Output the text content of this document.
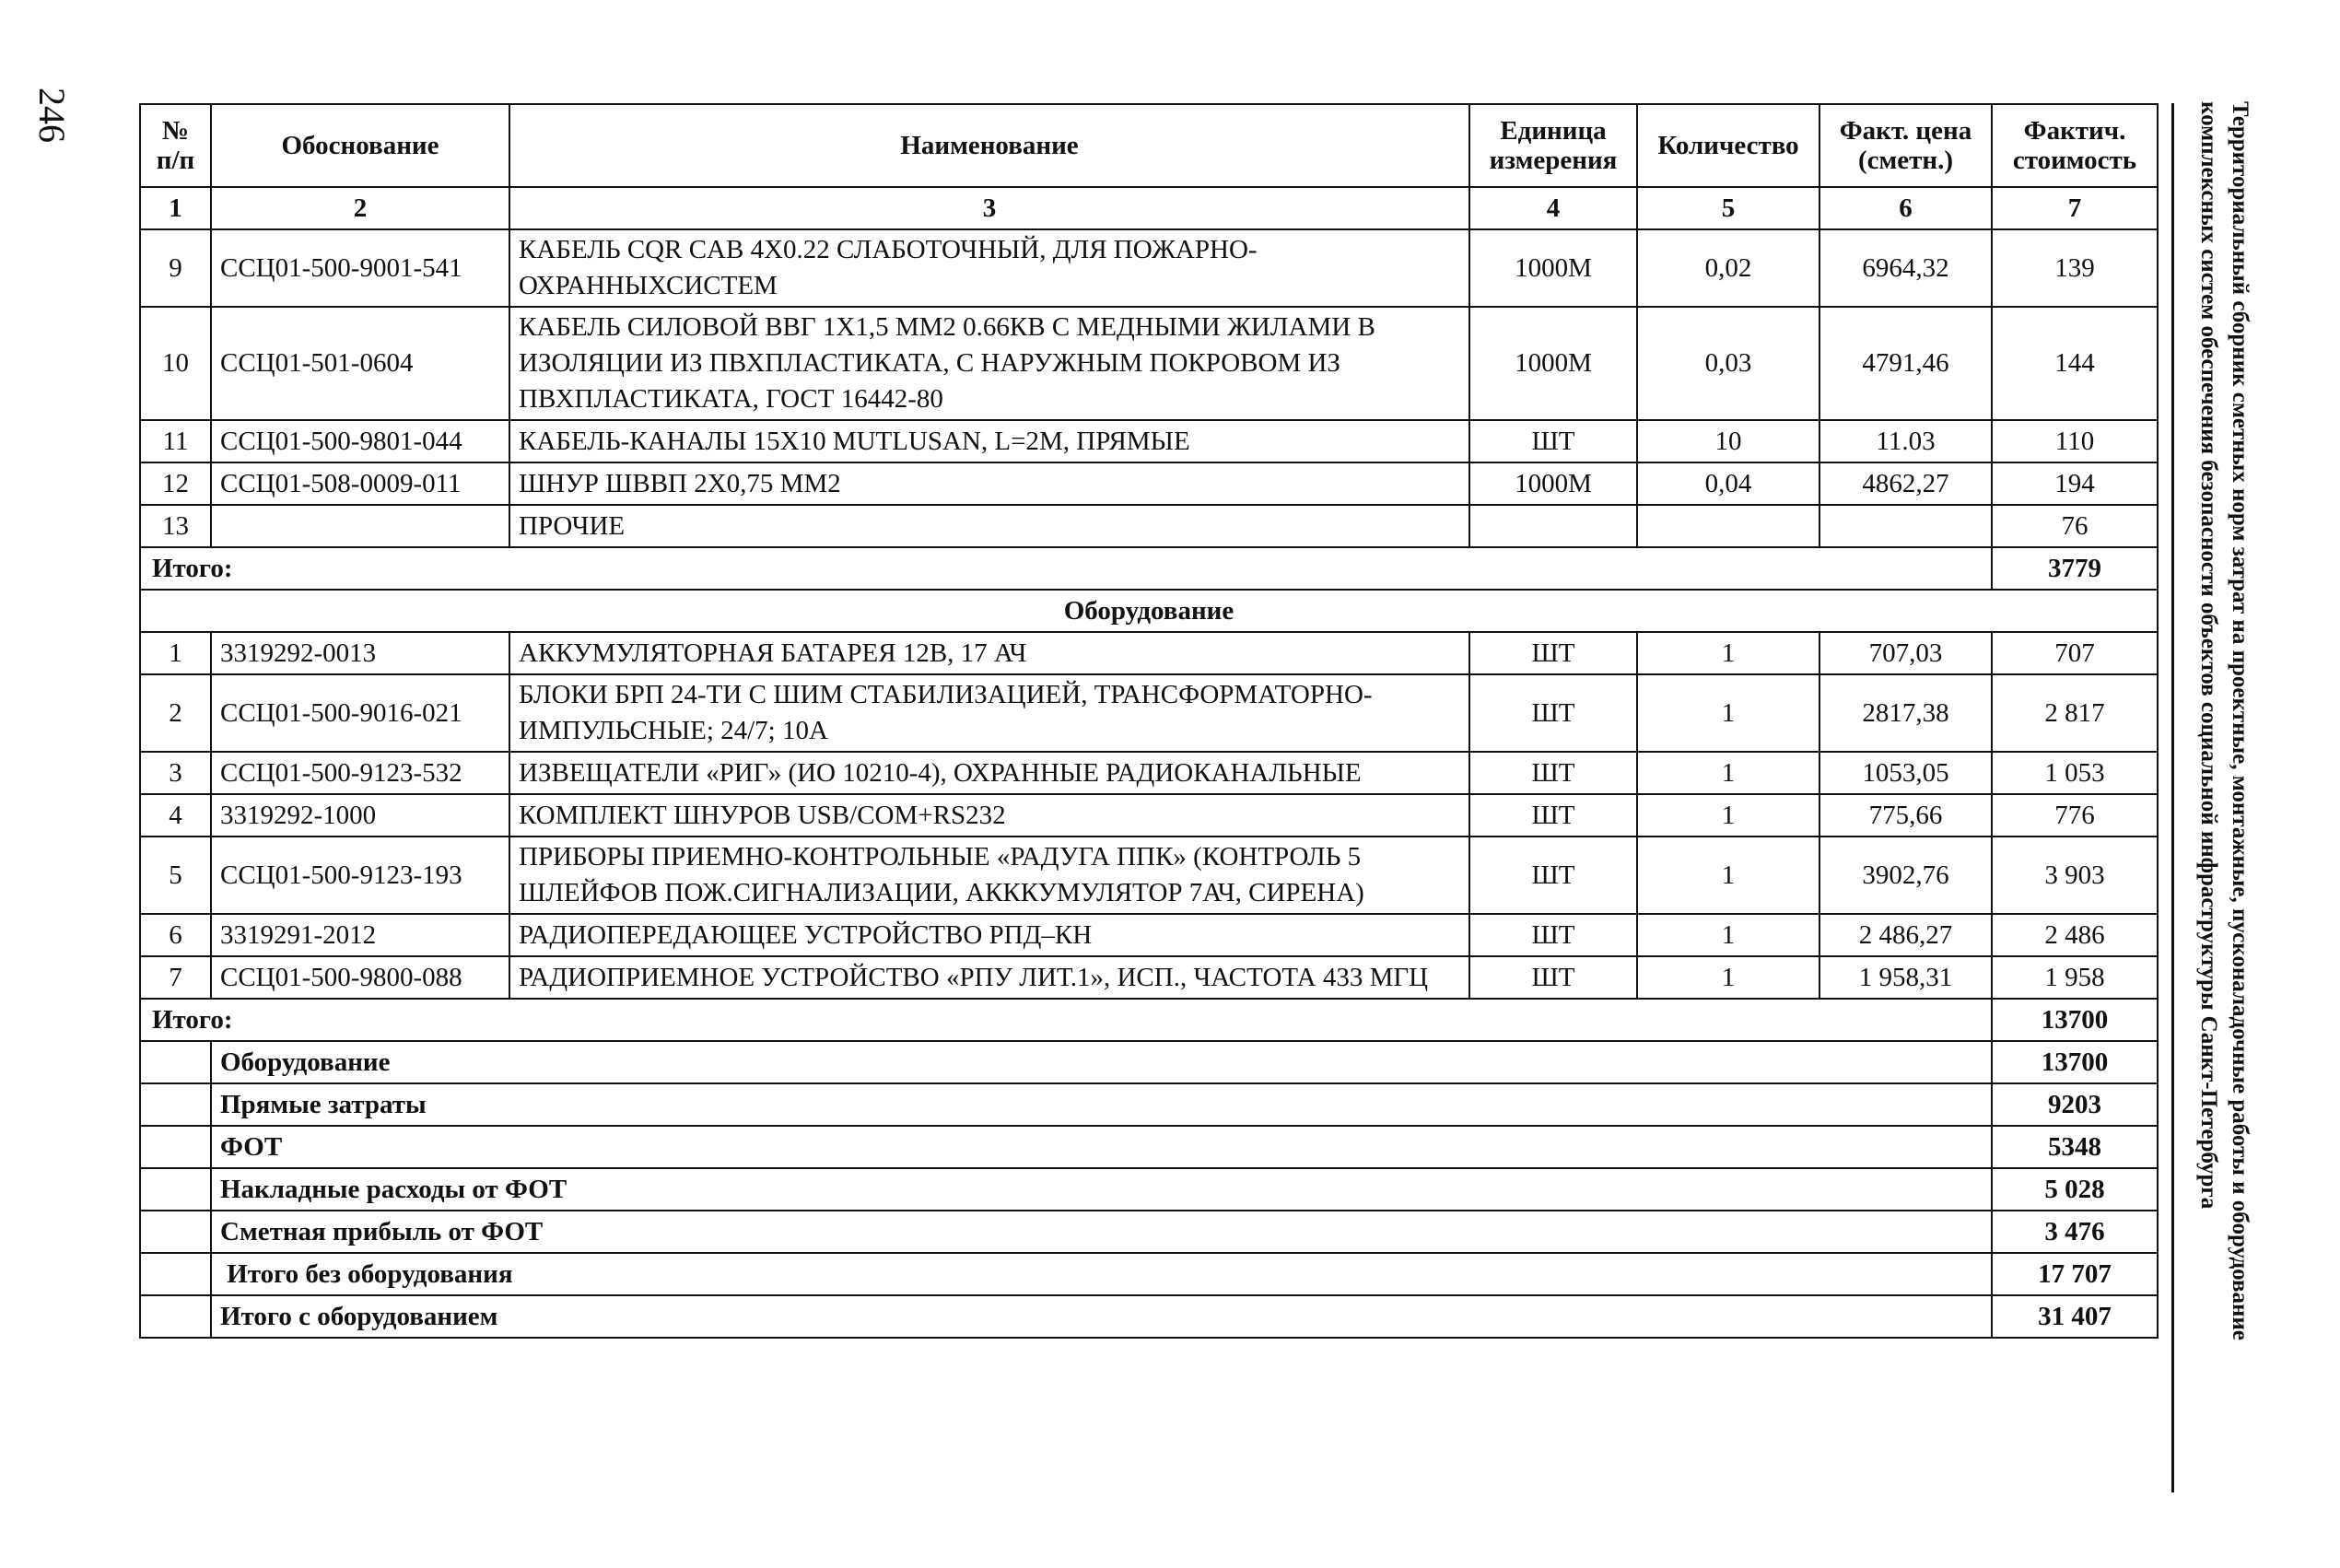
246	Территориальный сборник сметных норм затрат на проектные, монтажные, пусконаладочные работы и оборудование комплексных систем обеспечения безопасности объектов социальной инфраструктуры Санкт-Петербурга
№ п/п	Обоснование	Наименование	Единица измерения	Количество	Факт. цена (сметн.)	Фактич. стоимость
1	2	3	4	5	6	7
9	ССЦ01-500-9001-541	КАБЕЛЬ CQR CAB 4X0.22 СЛАБОТОЧНЫЙ, ДЛЯ ПОЖАРНО-ОХРАННЫХСИСТЕМ	1000М	0,02	6964,32	139
10	ССЦ01-501-0604	КАБЕЛЬ СИЛОВОЙ ВВГ 1X1,5 ММ2 0.66КВ С МЕДНЫМИ ЖИЛАМИ В ИЗОЛЯЦИИ ИЗ ПВХПЛАСТИКАТА, С НАРУЖНЫМ ПОКРОВОМ ИЗ ПВХПЛАСТИКАТА, ГОСТ 16442-80	1000М	0,03	4791,46	144
11	ССЦ01-500-9801-044	КАБЕЛЬ-КАНАЛЫ 15X10 MUTLUSAN, L=2M, ПРЯМЫЕ	ШТ	10	11.03	110
12	ССЦ01-508-0009-011	ШНУР ШВВП 2Х0,75 ММ2	1000М	0,04	4862,27	194
13		ПРОЧИЕ				76
Итого:						3779
Оборудование						
1	3319292-0013	АККУМУЛЯТОРНАЯ БАТАРЕЯ 12В, 17 АЧ	ШТ	1	707,03	707
2	ССЦ01-500-9016-021	БЛОКИ БРП 24-ТИ С ШИМ СТАБИЛИЗАЦИЕЙ, ТРАНСФОРМАТОРНО-ИМПУЛЬСНЫЕ; 24/7; 10А	ШТ	1	2817,38	2 817
3	ССЦ01-500-9123-532	ИЗВЕЩАТЕЛИ «РИГ» (ИО 10210-4), ОХРАННЫЕ РАДИОКАНАЛЬНЫЕ	ШТ	1	1053,05	1 053
4	3319292-1000	КОМПЛЕКТ ШНУРОВ USB/COM+RS232	ШТ	1	775,66	776
5	ССЦ01-500-9123-193	ПРИБОРЫ ПРИЕМНО-КОНТРОЛЬНЫЕ «РАДУГА ППК» (КОНТРОЛЬ 5 ШЛЕЙФОВ ПОЖ.СИГНАЛИЗАЦИИ, АКККУМУЛЯТОР 7АЧ, СИРЕНА)	ШТ	1	3902,76	3 903
6	3319291-2012	РАДИОПЕРЕДАЮЩЕЕ УСТРОЙСТВО РПД–КН	ШТ	1	2 486,27	2 486
7	ССЦ01-500-9800-088	РАДИОПРИЕМНОЕ УСТРОЙСТВО «РПУ ЛИТ.1», ИСП., ЧАСТОТА 433 МГЦ	ШТ	1	1 958,31	1 958
Итого:						13700
	Оборудование					13700
	Прямые затраты					9203
	ФОТ					5348
	Накладные расходы от ФОТ					5 028
	Сметная прибыль от ФОТ					3 476
	Итого без оборудования					17 707
	Итого с оборудованием					31 407
